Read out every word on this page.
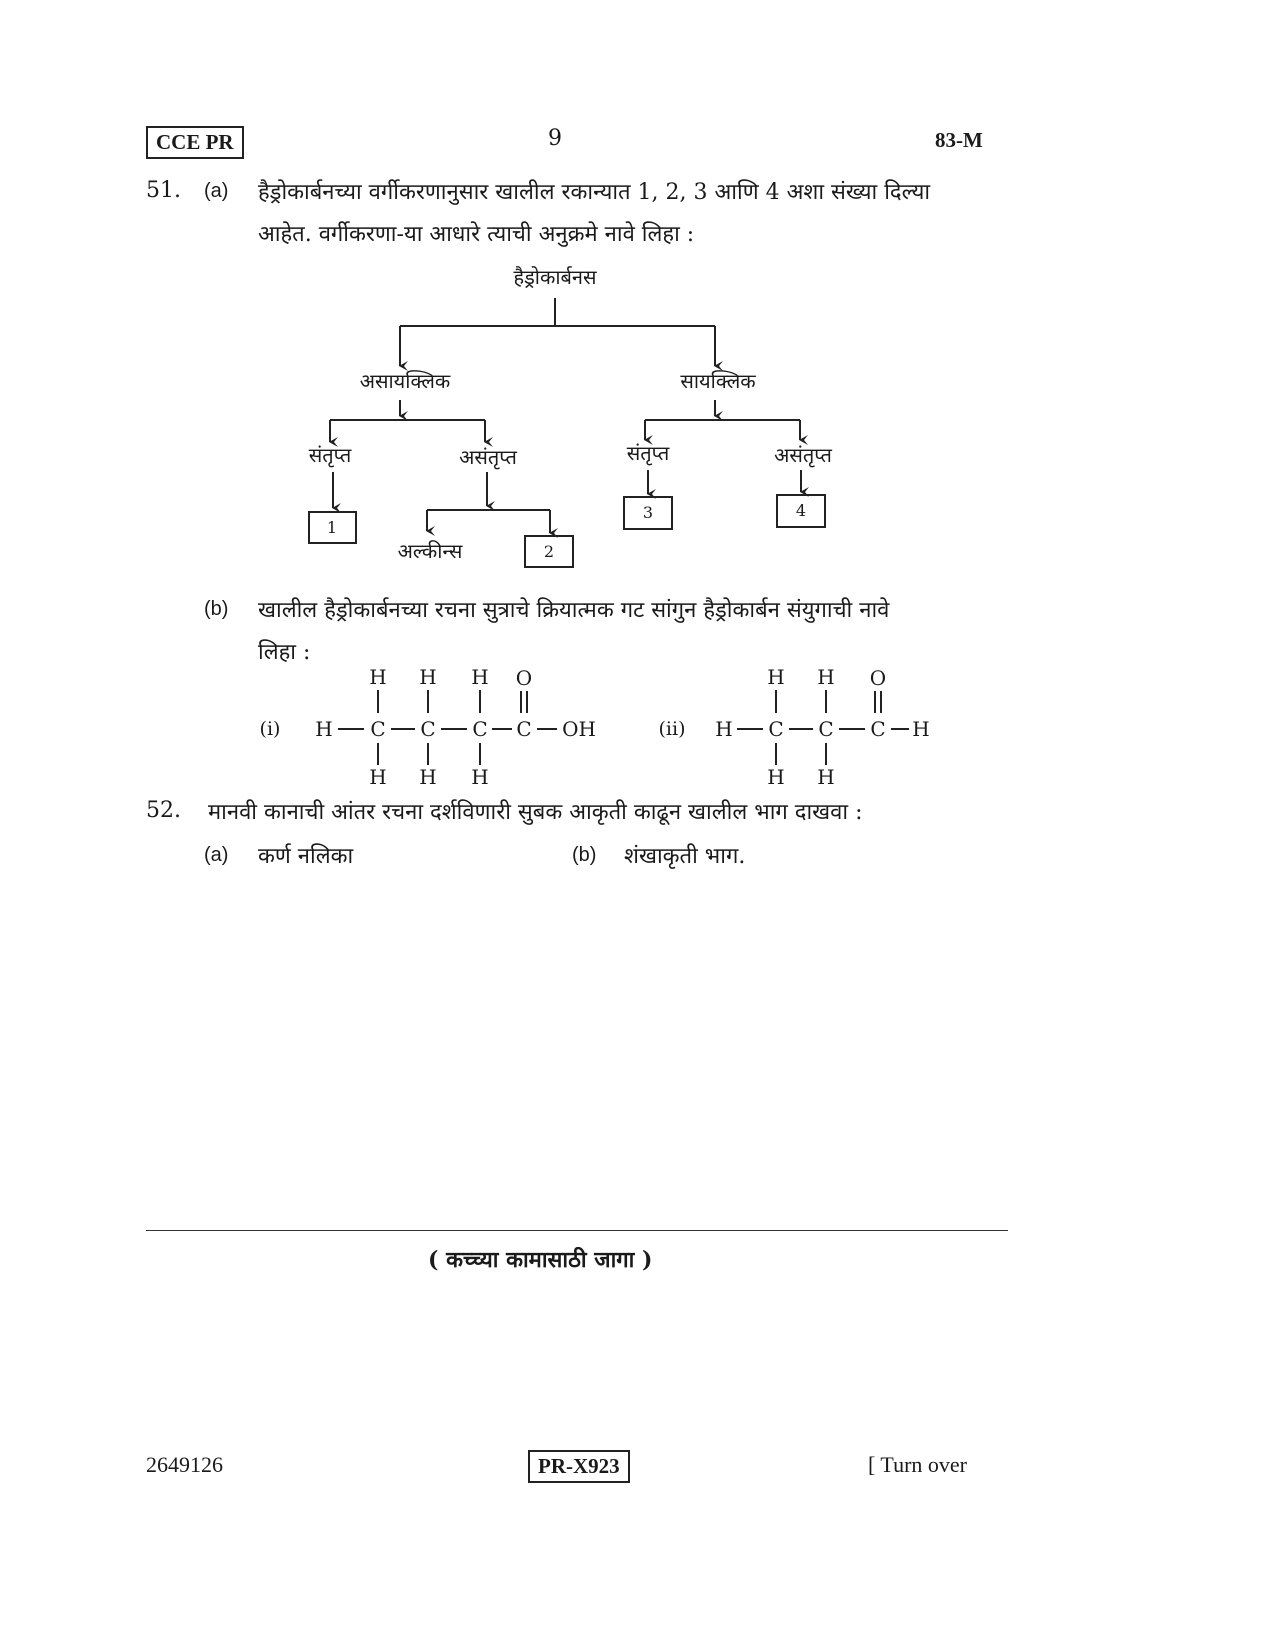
CCE PR	9	83-M
51. (a) हैड्रोकार्बनच्या वर्गीकरणानुसार खालील रकान्यात 1, 2, 3 आणि 4 अशा संख्या दिल्या
आहेत. वर्गीकरणा-या आधारे त्याची अनुक्रमे नावे लिहा :
हैड्रोकार्बनस
असायक्लिक	सायक्लिक
संतृप्त	असंतृप्त	संतृप्त	असंतृप्त
अल्कीन्स
1
2
3	4
(b) खालील हैड्रोकार्बनच्या रचना सुत्राचे क्रियात्मक गट सांगुन हैड्रोकार्बन संयुगाची नावे
लिहा :
(i)
H H H O
H C C C C OH
H H H
(ii)
H H O
H C C C H
H H
52. मानवी कानाची आंतर रचना दर्शविणारी सुबक आकृती काढून खालील भाग दाखवा :
(a) कर्ण नलिका	(b) शंखाकृती भाग.
( कच्च्या कामासाठी जागा )
2649126	PR-X923	[ Turn over
